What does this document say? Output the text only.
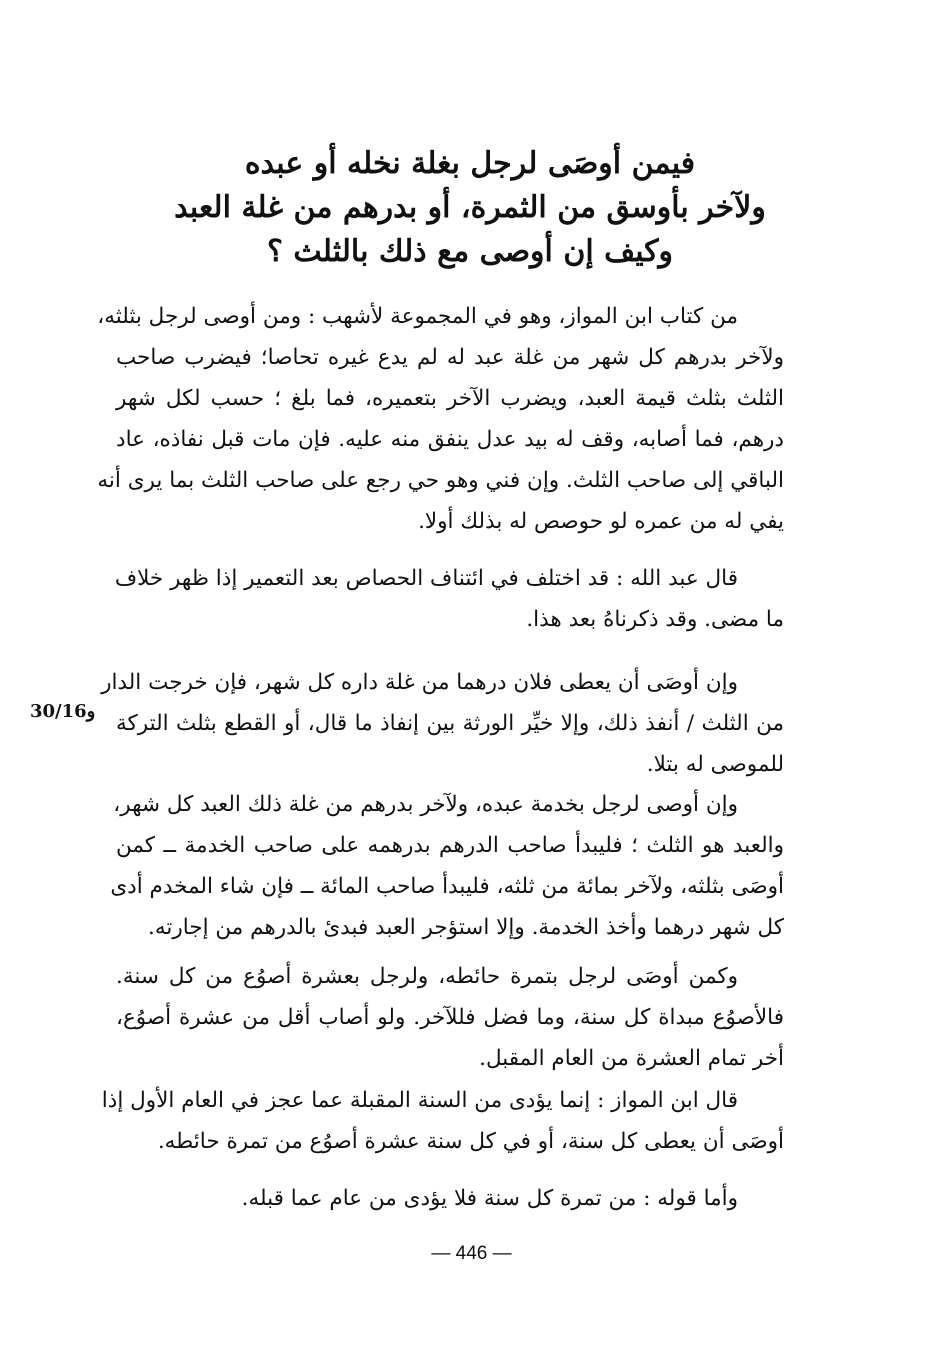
فيمن أوصَى لرجل بغلة نخله أو عبده
ولآخر بأوسق من الثمرة، أو بدرهم من غلة العبد
وكيف إن أوصى مع ذلك بالثلث ؟
من كتاب ابن المواز، وهو في المجموعة لأشهب : ومن أوصى لرجل بثلثه،
ولآخر بدرهم كل شهر من غلة عبد له لم يدع غيره تحاصا؛ فيضرب صاحب
الثلث بثلث قيمة العبد، ويضرب الآخر بتعميره، فما بلغ ؛ حسب لكل شهر
درهم، فما أصابه، وقف له بيد عدل ينفق منه عليه. فإن مات قبل نفاذه، عاد
الباقي إلى صاحب الثلث. وإن فني وهو حي رجع على صاحب الثلث بما يرى أنه
يفي له من عمره لو حوصص له بذلك أولا.
قال عبد الله : قد اختلف في ائتناف الحصاص بعد التعمير إذا ظهر خلاف
ما مضى. وقد ذكرناهُ بعد هذا.
وإن أوصَى أن يعطى فلان درهما من غلة داره كل شهر، فإن خرجت الدار
من الثلث / أنفذ ذلك، وإلا خيِّر الورثة بين إنفاذ ما قال، أو القطع بثلث التركة
للموصى له بتلا.
وإن أوصى لرجل بخدمة عبده، ولآخر بدرهم من غلة ذلك العبد كل شهر،
والعبد هو الثلث ؛ فليبدأ صاحب الدرهم بدرهمه على صاحب الخدمة ــ كمن
أوصَى بثلثه، ولآخر بمائة من ثلثه، فليبدأ صاحب المائة ــ فإن شاء المخدم أدى
كل شهر درهما وأخذ الخدمة. وإلا استؤجر العبد فبدئ بالدرهم من إجارته.
وكمن أوصَى لرجل بتمرة حائطه، ولرجل بعشرة أصوُع من كل سنة.
فالأصوُع مبداة كل سنة، وما فضل فللآخر. ولو أصاب أقل من عشرة أصوُع،
أخر تمام العشرة من العام المقبل.
قال ابن المواز : إنما يؤدى من السنة المقبلة عما عجز في العام الأول إذا
أوصَى أن يعطى كل سنة، أو في كل سنة عشرة أصوُع من تمرة حائطه.
وأما قوله : من تمرة كل سنة فلا يؤدى من عام عما قبله.
30/16و
— 446 —
